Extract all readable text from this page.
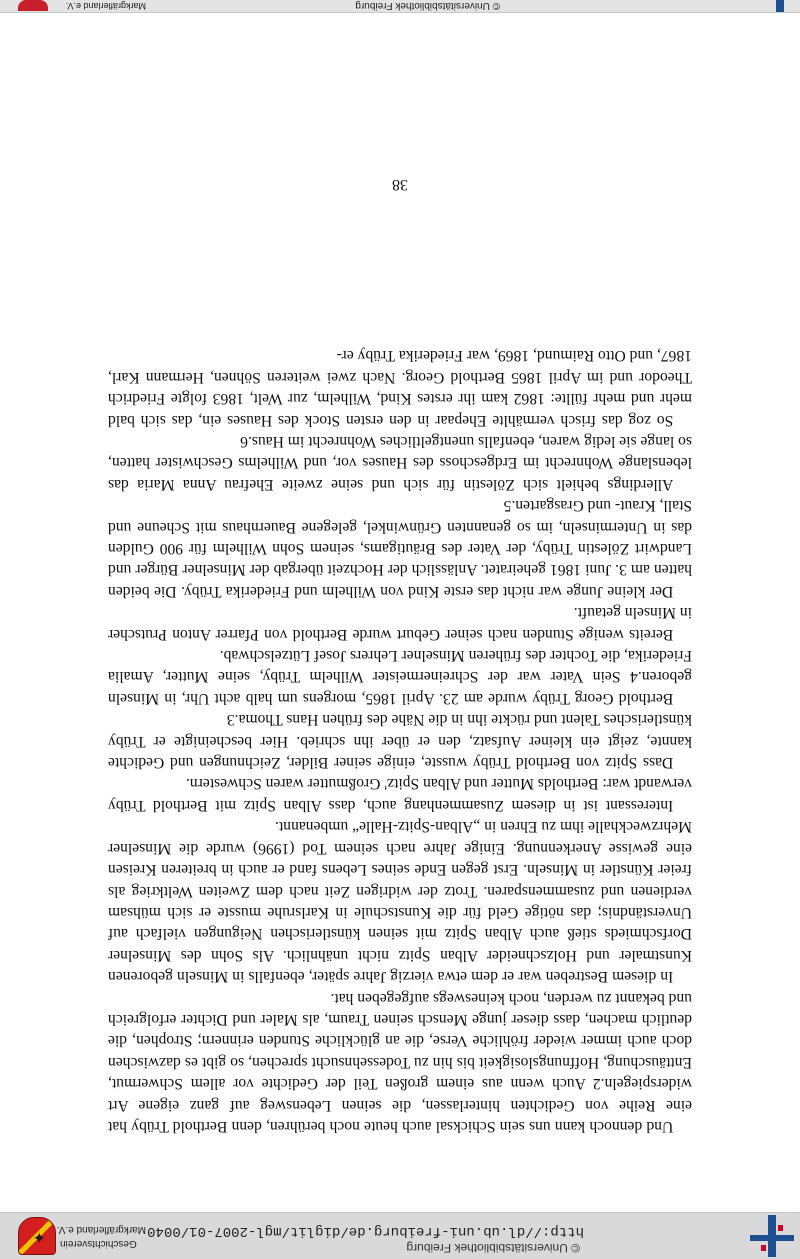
© Universitätsbibliothek Freiburg
http://dl.ub.uni-freiburg.de/diglit/mgl-2007-01/0040
Geschichtsverein
Markgräflerland e.V.
✦

Und dennoch kann uns sein Schicksal auch heute noch berühren, denn Berthold Trüby hat eine Reihe von Gedichten hinterlassen, die seinen Lebensweg auf ganz eigene Art widerspiegeln.2 Auch wenn aus einem großen Teil der Gedichte vor allem Schwermut, Enttäuschung, Hoffnungslosigkeit bis hin zu Todessehnsucht sprechen, so gibt es dazwischen doch auch immer wieder fröhliche Verse, die an glückliche Stunden erinnern; Strophen, die deutlich machen, dass dieser junge Mensch seinen Traum, als Maler und Dichter erfolgreich und bekannt zu werden, noch keineswegs aufgegeben hat.

In diesem Bestreben war er dem etwa vierzig Jahre später, ebenfalls in Minseln geborenen Kunstmaler und Holzschneider Alban Spitz nicht unähnlich. Als Sohn des Minselner Dorfschmieds stieß auch Alban Spitz mit seinen künstlerischen Neigungen vielfach auf Unverständnis; das nötige Geld für die Kunstschule in Karlsruhe musste er sich mühsam verdienen und zusammensparen. Trotz der widrigen Zeit nach dem Zweiten Weltkrieg als freier Künstler in Minseln. Erst gegen Ende seines Lebens fand er auch in breiteren Kreisen eine gewisse Anerkennung. Einige Jahre nach seinem Tod (1996) wurde die Minselner Mehrzweckhalle ihm zu Ehren in „Alban-Spitz-Halle“ umbenannt.

Interessant ist in diesem Zusammenhang auch, dass Alban Spitz mit Berthold Trüby verwandt war: Bertholds Mutter und Alban Spitz' Großmutter waren Schwestern.

Dass Spitz von Berthold Trüby wusste, einige seiner Bilder, Zeichnungen und Gedichte kannte, zeigt ein kleiner Aufsatz, den er über ihn schrieb. Hier bescheinigte er Trüby künstlerisches Talent und rückte ihn in die Nähe des frühen Hans Thoma.3

Berthold Georg Trüby wurde am 23. April 1865, morgens um halb acht Uhr, in Minseln geboren.4 Sein Vater war der Schreinermeister Wilhelm Trüby, seine Mutter, Amalia Friederika, die Tochter des früheren Minselner Lehrers Josef Lützelschwab.

Bereits wenige Stunden nach seiner Geburt wurde Berthold von Pfarrer Anton Prutscher in Minseln getauft.

Der kleine Junge war nicht das erste Kind von Wilhelm und Friederika Trüby. Die beiden hatten am 3. Juni 1861 geheiratet. Anlässlich der Hochzeit übergab der Minselner Bürger und Landwirt Zölestin Trüby, der Vater des Bräutigams, seinem Sohn Wilhelm für 900 Gulden das in Unterminseln, im so genannten Grünwinkel, gelegene Bauernhaus mit Scheune und Stall, Kraut- und Grasgarten.5

Allerdings behielt sich Zölestin für sich und seine zweite Ehefrau Anna Maria das lebenslange Wohnrecht im Erdgeschoss des Hauses vor, und Wilhelms Geschwister hatten, so lange sie ledig waren, ebenfalls unentgeltliches Wohnrecht im Haus.6

So zog das frisch vermählte Ehepaar in den ersten Stock des Hauses ein, das sich bald mehr und mehr füllte: 1862 kam ihr erstes Kind, Wilhelm, zur Welt, 1863 folgte Friedrich Theodor und im April 1865 Berthold Georg. Nach zwei weiteren Söhnen, Hermann Karl, 1867, und Otto Raimund, 1869, war Friederika Trüby er-

38
© Universitätsbibliothek Freiburg
Markgräflerland e.V.
